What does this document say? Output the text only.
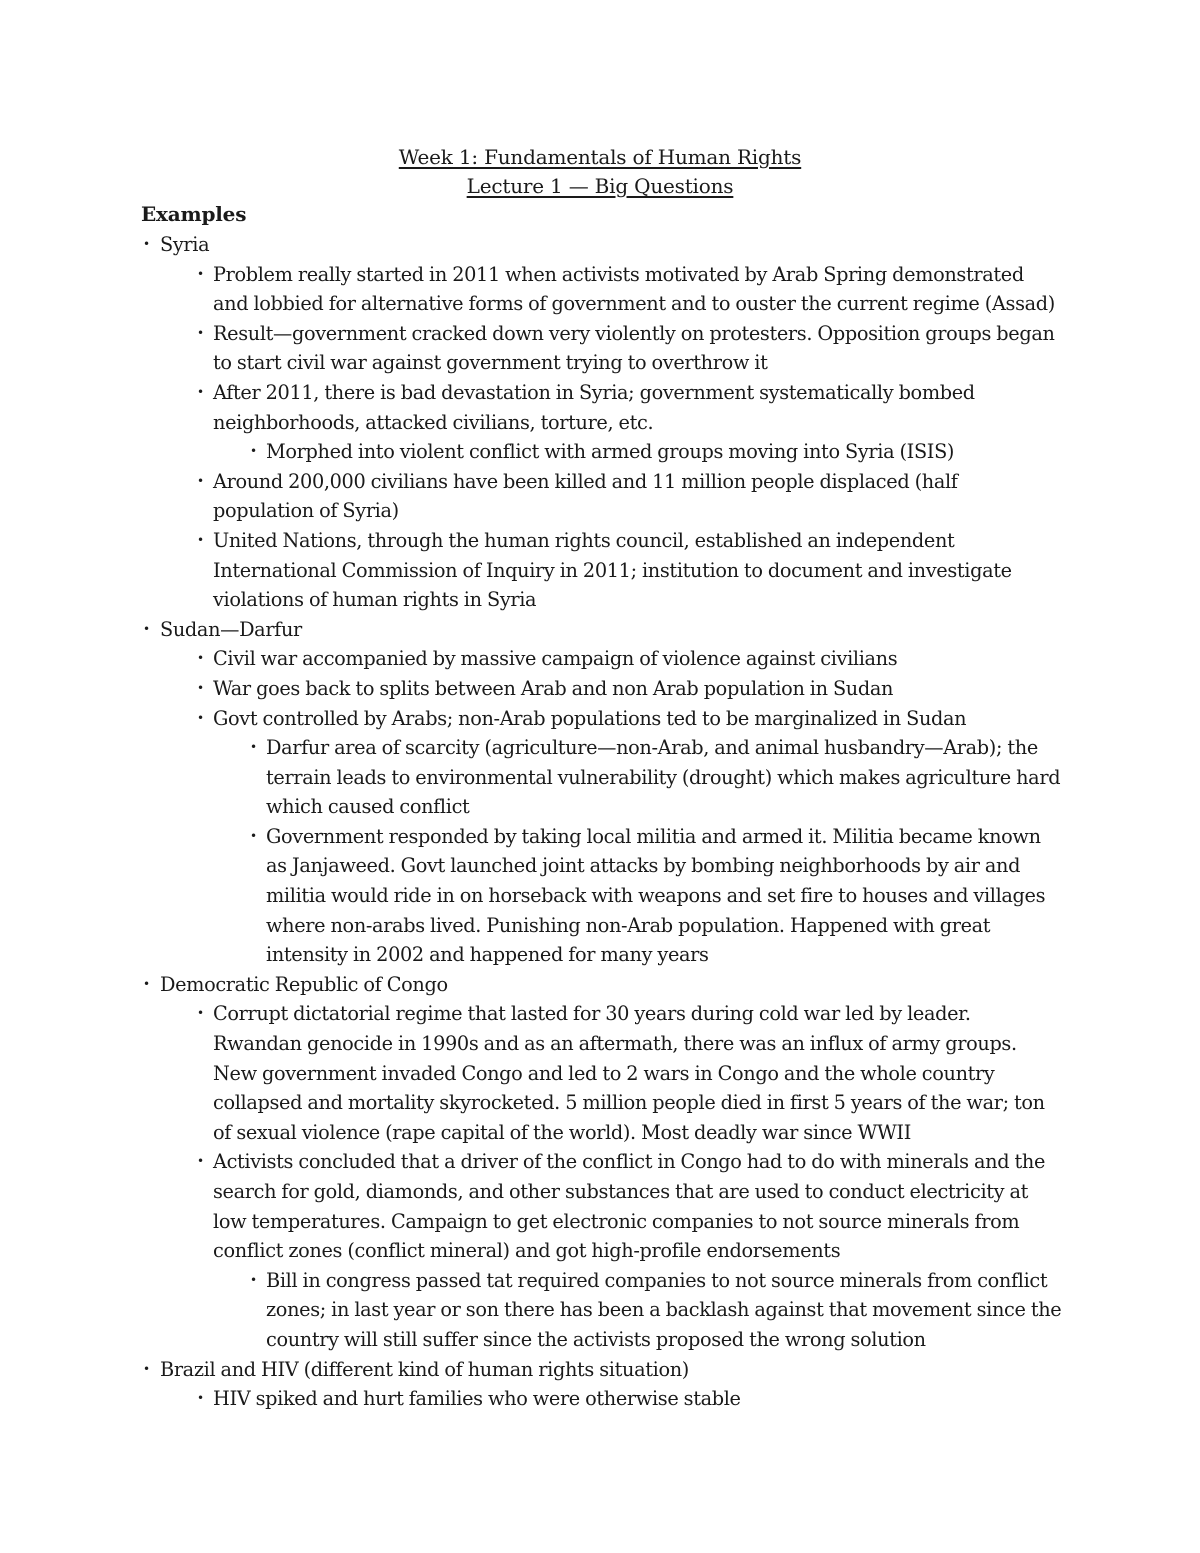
Week 1: Fundamentals of Human Rights
Lecture 1 — Big Questions
Examples
• Syria
• Problem really started in 2011 when activists motivated by Arab Spring demonstrated and lobbied for alternative forms of government and to ouster the current regime (Assad)
• Result—government cracked down very violently on protesters. Opposition groups began to start civil war against government trying to overthrow it
• After 2011, there is bad devastation in Syria; government systematically bombed neighborhoods, attacked civilians, torture, etc.
• Morphed into violent conflict with armed groups moving into Syria (ISIS)
• Around 200,000 civilians have been killed and 11 million people displaced (half population of Syria)
• United Nations, through the human rights council, established an independent International Commission of Inquiry in 2011; institution to document and investigate violations of human rights in Syria
• Sudan—Darfur
• Civil war accompanied by massive campaign of violence against civilians
• War goes back to splits between Arab and non Arab population in Sudan
• Govt controlled by Arabs; non-Arab populations ted to be marginalized in Sudan
• Darfur area of scarcity (agriculture—non-Arab, and animal husbandry—Arab); the terrain leads to environmental vulnerability (drought) which makes agriculture hard which caused conflict
• Government responded by taking local militia and armed it. Militia became known as Janjaweed. Govt launched joint attacks by bombing neighborhoods by air and militia would ride in on horseback with weapons and set fire to houses and villages where non-arabs lived. Punishing non-Arab population. Happened with great intensity in 2002 and happened for many years
• Democratic Republic of Congo
• Corrupt dictatorial regime that lasted for 30 years during cold war led by leader. Rwandan genocide in 1990s and as an aftermath, there was an influx of army groups. New government invaded Congo and led to 2 wars in Congo and the whole country collapsed and mortality skyrocketed. 5 million people died in first 5 years of the war; ton of sexual violence (rape capital of the world). Most deadly war since WWII
• Activists concluded that a driver of the conflict in Congo had to do with minerals and the search for gold, diamonds, and other substances that are used to conduct electricity at low temperatures. Campaign to get electronic companies to not source minerals from conflict zones (conflict mineral) and got high-profile endorsements
• Bill in congress passed tat required companies to not source minerals from conflict zones; in last year or son there has been a backlash against that movement since the country will still suffer since the activists proposed the wrong solution
• Brazil and HIV (different kind of human rights situation)
• HIV spiked and hurt families who were otherwise stable
